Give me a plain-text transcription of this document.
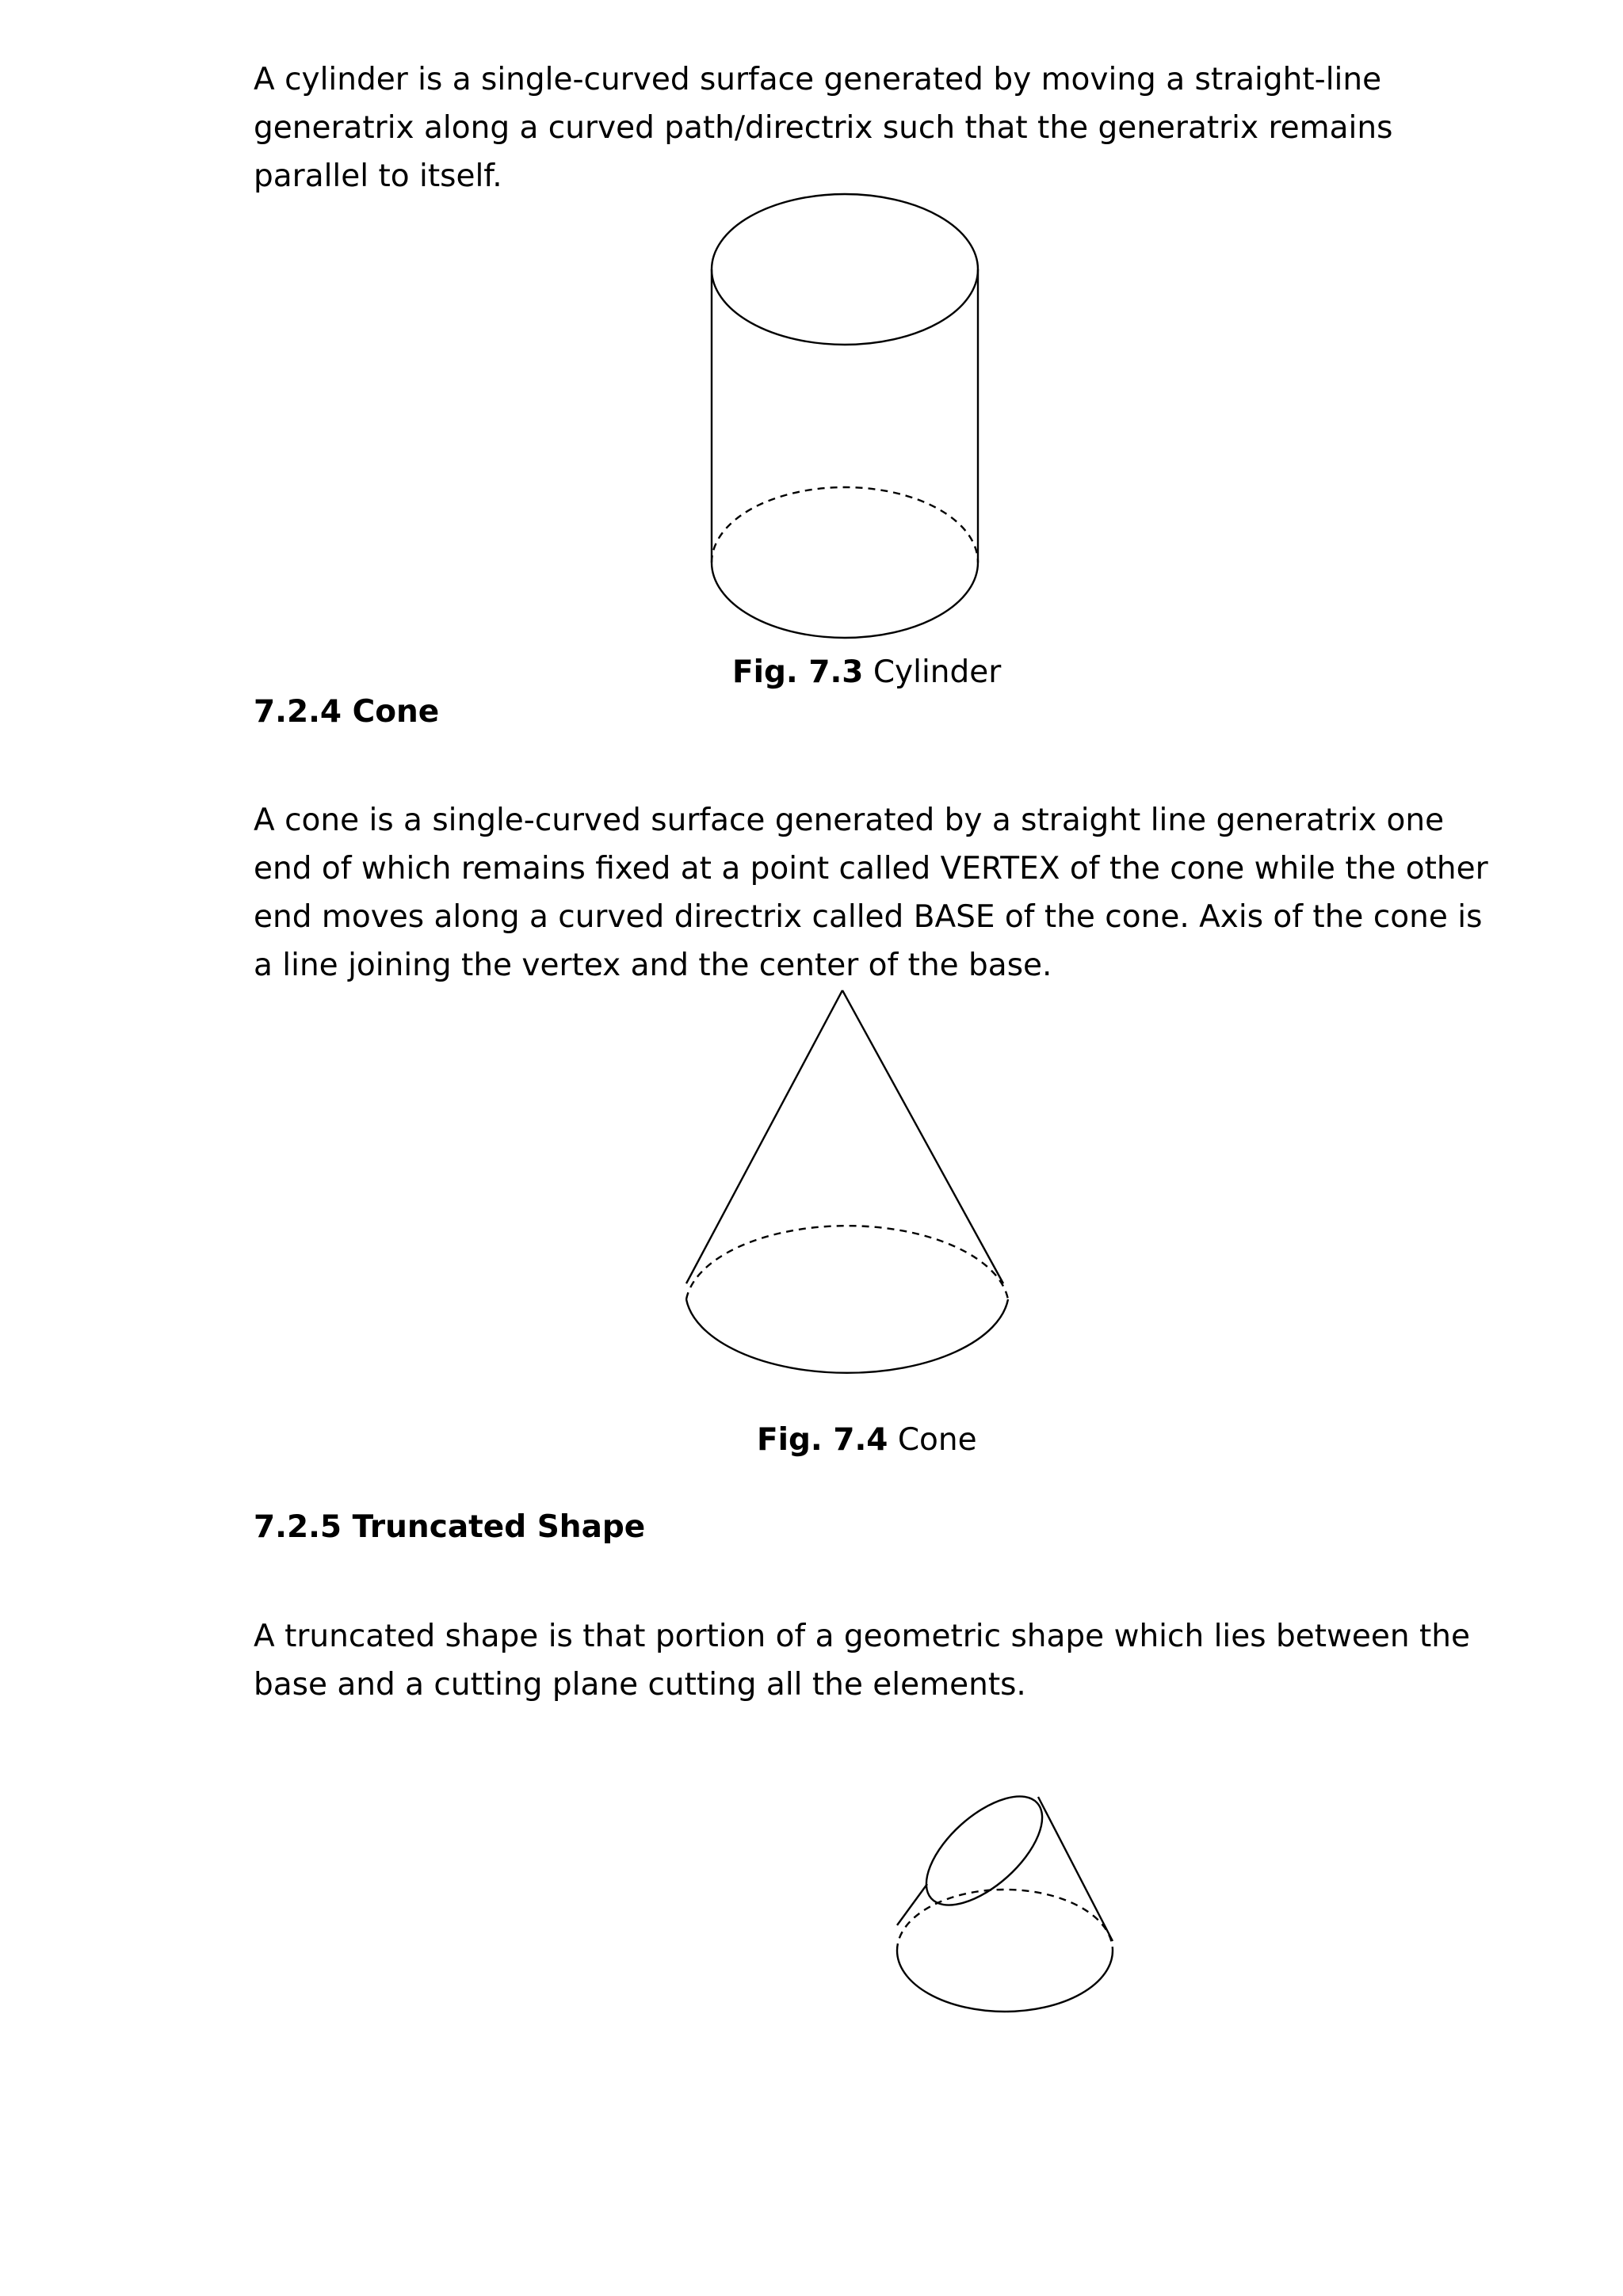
A cylinder is a single-curved surface generated by moving a straight-line generatrix along a curved path/directrix such that the generatrix remains parallel to itself.

Fig. 7.3 Cylinder

7.2.4 Cone

A cone is a single-curved surface generated by a straight line generatrix one end of which remains fixed at a point called VERTEX of the cone while the other end moves along a curved directrix called BASE of the cone. Axis of the cone is a line joining the vertex and the center of the base.

Fig. 7.4 Cone

7.2.5 Truncated Shape

A truncated shape is that portion of a geometric shape which lies between the base and a cutting plane cutting all the elements.
